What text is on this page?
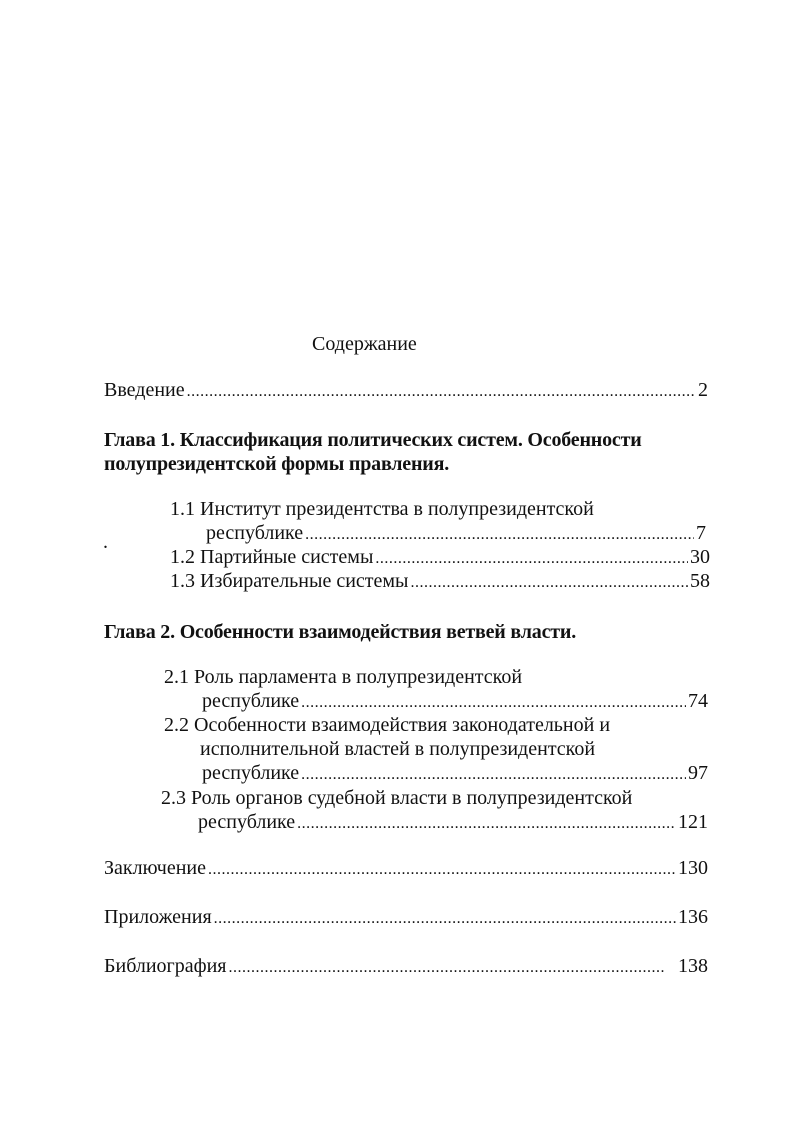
Содержание
Введение .....	2
Глава 1. Классификация политических систем. Особенности
полупрезидентской формы правления.
1.1 Институт президентства в полупрезидентской
.	республике .....	7
1.2 Партийные системы .....	30
1.3 Избирательные системы .....	58
Глава 2. Особенности взаимодействия ветвей власти.
2.1 Роль парламента в полупрезидентской
республике .....	74
2.2 Особенности взаимодействия законодательной и
исполнительной властей в полупрезидентской
республике .....	97
2.3 Роль органов судебной власти в полупрезидентской
республике .....	121
Заключение .....	130
Приложения .....	136
Библиография .....	138
